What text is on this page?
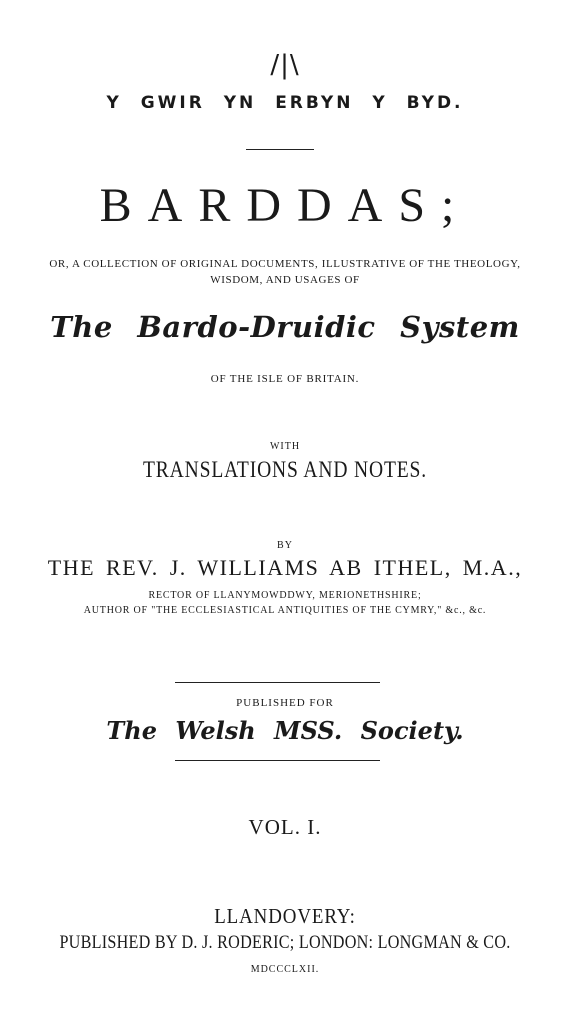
/|\
Y GWIR YN ERBYN Y BYD.
BARDDAS;
OR, A COLLECTION OF ORIGINAL DOCUMENTS, ILLUSTRATIVE OF THE THEOLOGY,
WISDOM, AND USAGES OF
The Bardo-Druidic System
OF THE ISLE OF BRITAIN.
WITH
TRANSLATIONS AND NOTES.
BY
THE REV. J. WILLIAMS AB ITHEL, M.A.,
RECTOR OF LLANYMOWDDWY, MERIONETHSHIRE;
AUTHOR OF "THE ECCLESIASTICAL ANTIQUITIES OF THE CYMRY," &c., &c.
PUBLISHED FOR
The Welsh MSS. Society.
VOL. I.
LLANDOVERY:
PUBLISHED BY D. J. RODERIC; LONDON: LONGMAN & CO.
MDCCCLXII.
